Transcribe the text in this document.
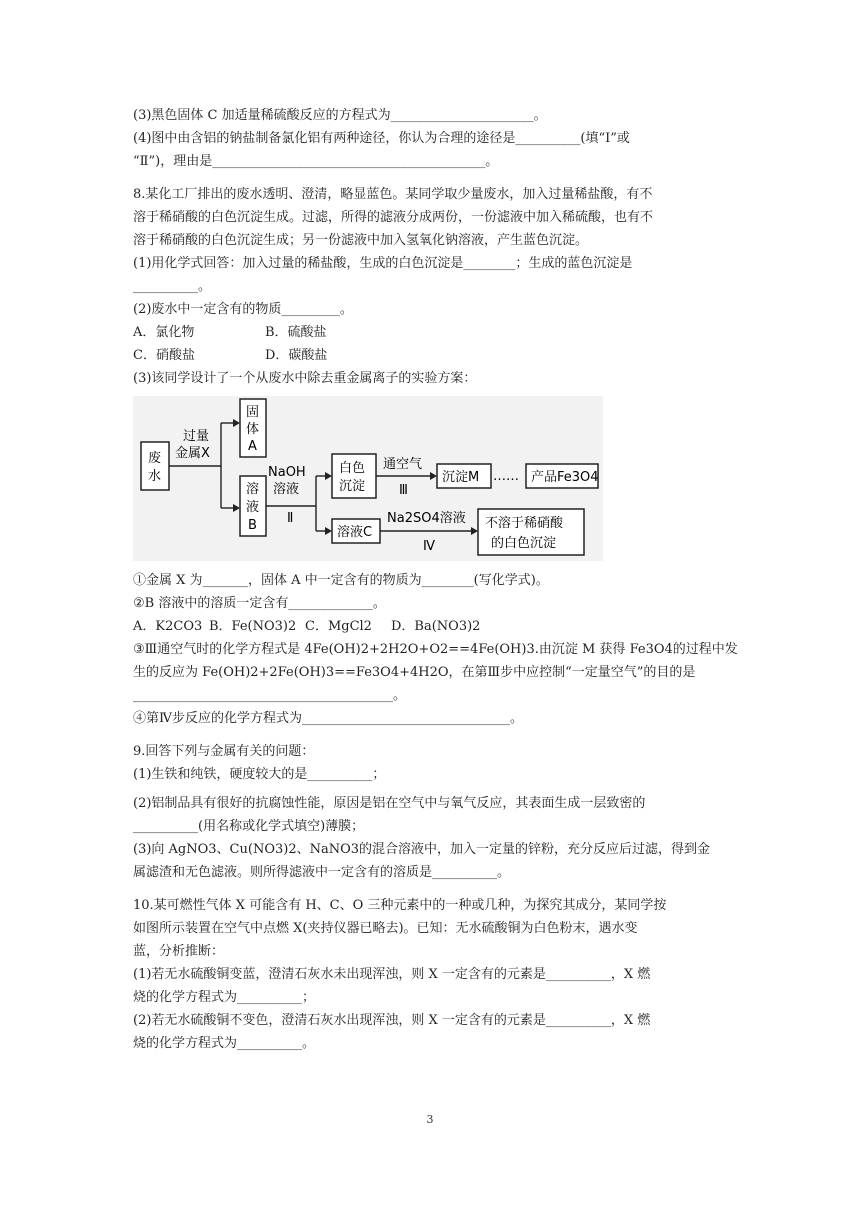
(3)黑色固体 C 加适量稀硫酸反应的方程式为______________________。
(4)图中由含铝的钠盐制备氯化铝有两种途径，你认为合理的途径是__________(填“I”或
“Ⅱ”)，理由是__________________________________________。
8.某化工厂排出的废水透明、澄清，略显蓝色。某同学取少量废水，加入过量稀盐酸，有不
溶于稀硝酸的白色沉淀生成。过滤，所得的滤液分成两份，一份滤液中加入稀硫酸，也有不
溶于稀硝酸的白色沉淀生成；另一份滤液中加入氢氧化钠溶液，产生蓝色沉淀。
(1)用化学式回答：加入过量的稀盐酸，生成的白色沉淀是________；生成的蓝色沉淀是
__________。
(2)废水中一定含有的物质_________。
A．氯化物	B．硫酸盐
C．硝酸盐	D．碳酸盐
(3)该同学设计了一个从废水中除去重金属离子的实验方案：
废
水
过量
金属X
固
体
A
溶
液
B
NaOH
溶液
Ⅱ
白色
沉淀
通空气
Ⅲ
沉淀M …… 产品Fe3O4
溶液C
Na2SO4溶液
Ⅳ
不溶于稀硝酸
的白色沉淀
①金属 X 为_______，固体 A 中一定含有的物质为________(写化学式)。
②B 溶液中的溶质一定含有_____________。
A．K2CO3 B．Fe(NO3)2 C．MgCl2	D．Ba(NO3)2
③Ⅲ通空气时的化学方程式是 4Fe(OH)2+2H2O+O2==4Fe(OH)3.由沉淀 M 获得 Fe3O4的过程中发
生的反应为 Fe(OH)2+2Fe(OH)3==Fe3O4+4H2O，在第Ⅲ步中应控制“一定量空气”的目的是
________________________________________。
④第Ⅳ步反应的化学方程式为________________________________。
9.回答下列与金属有关的问题：
(1)生铁和纯铁，硬度较大的是__________；
(2)铝制品具有很好的抗腐蚀性能，原因是铝在空气中与氧气反应，其表面生成一层致密的
__________(用名称或化学式填空)薄膜；
(3)向 AgNO3、Cu(NO3)2、NaNO3的混合溶液中，加入一定量的锌粉，充分反应后过滤，得到金
属滤渣和无色滤液。则所得滤液中一定含有的溶质是__________。
10.某可燃性气体 X 可能含有 H、C、O 三种元素中的一种或几种，为探究其成分，某同学按
如图所示装置在空气中点燃 X(夹持仪器已略去)。已知：无水硫酸铜为白色粉末，遇水变
蓝，分析推断：
(1)若无水硫酸铜变蓝，澄清石灰水未出现浑浊，则 X 一定含有的元素是__________，X 燃
烧的化学方程式为__________；
(2)若无水硫酸铜不变色，澄清石灰水出现浑浊，则 X 一定含有的元素是__________，X 燃
烧的化学方程式为__________。
3
